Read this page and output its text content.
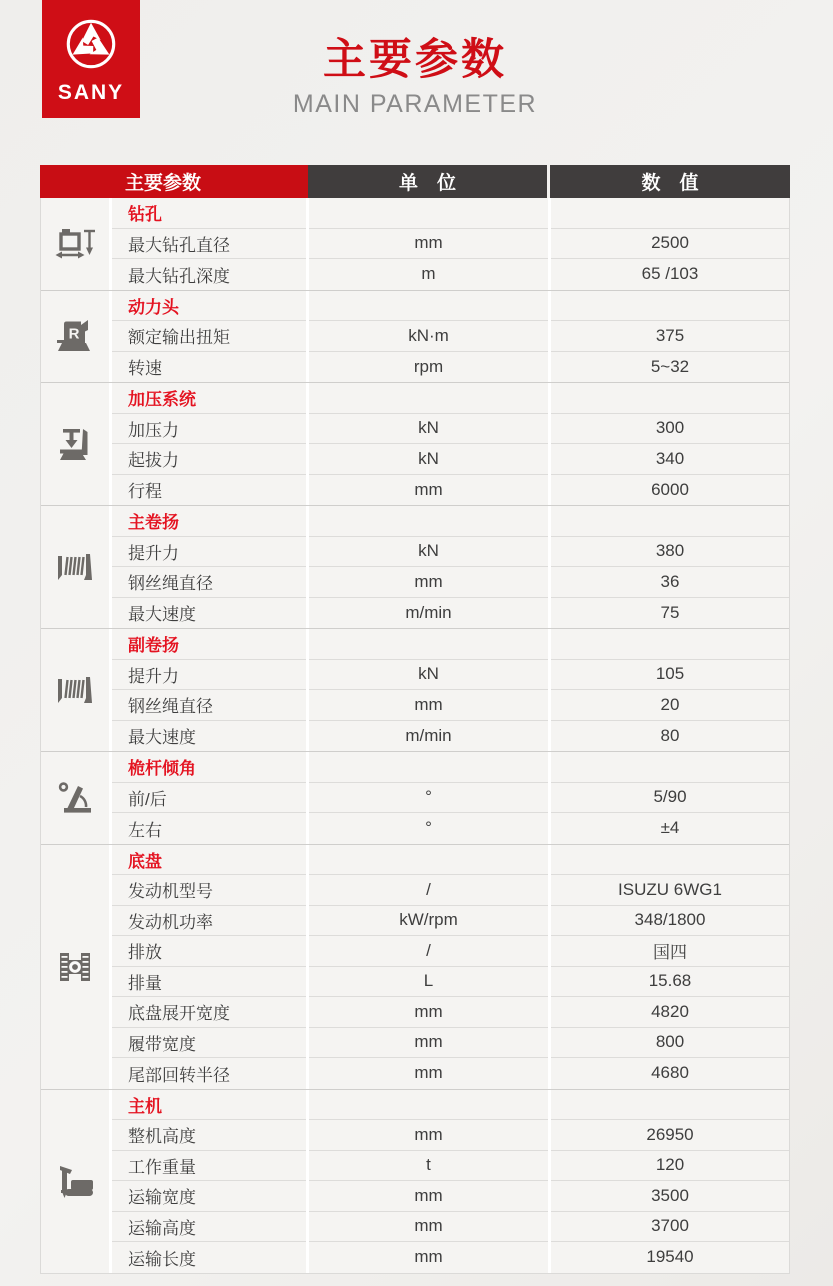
SANY
主要参数
MAIN PARAMETER
主要参数	单　位	数　值
钻孔
最大钻孔直径	mm	2500
最大钻孔深度	m	65 /103
R
动力头
额定输出扭矩	kN·m	375
转速	rpm	5~32
加压系统
加压力	kN	300
起拔力	kN	340
行程	mm	6000
主卷扬
提升力	kN	380
钢丝绳直径	mm	36
最大速度	m/min	75
副卷扬
提升力	kN	105
钢丝绳直径	mm	20
最大速度	m/min	80
桅杆倾角
前/后	°	5/90
左右	°	±4
底盘
发动机型号	/	ISUZU 6WG1
发动机功率	kW/rpm	348/1800
排放	/	国四
排量	L	15.68
底盘展开宽度	mm	4820
履带宽度	mm	800
尾部回转半径	mm	4680
主机
整机高度	mm	26950
工作重量	t	120
运输宽度	mm	3500
运输高度	mm	3700
运输长度	mm	19540
